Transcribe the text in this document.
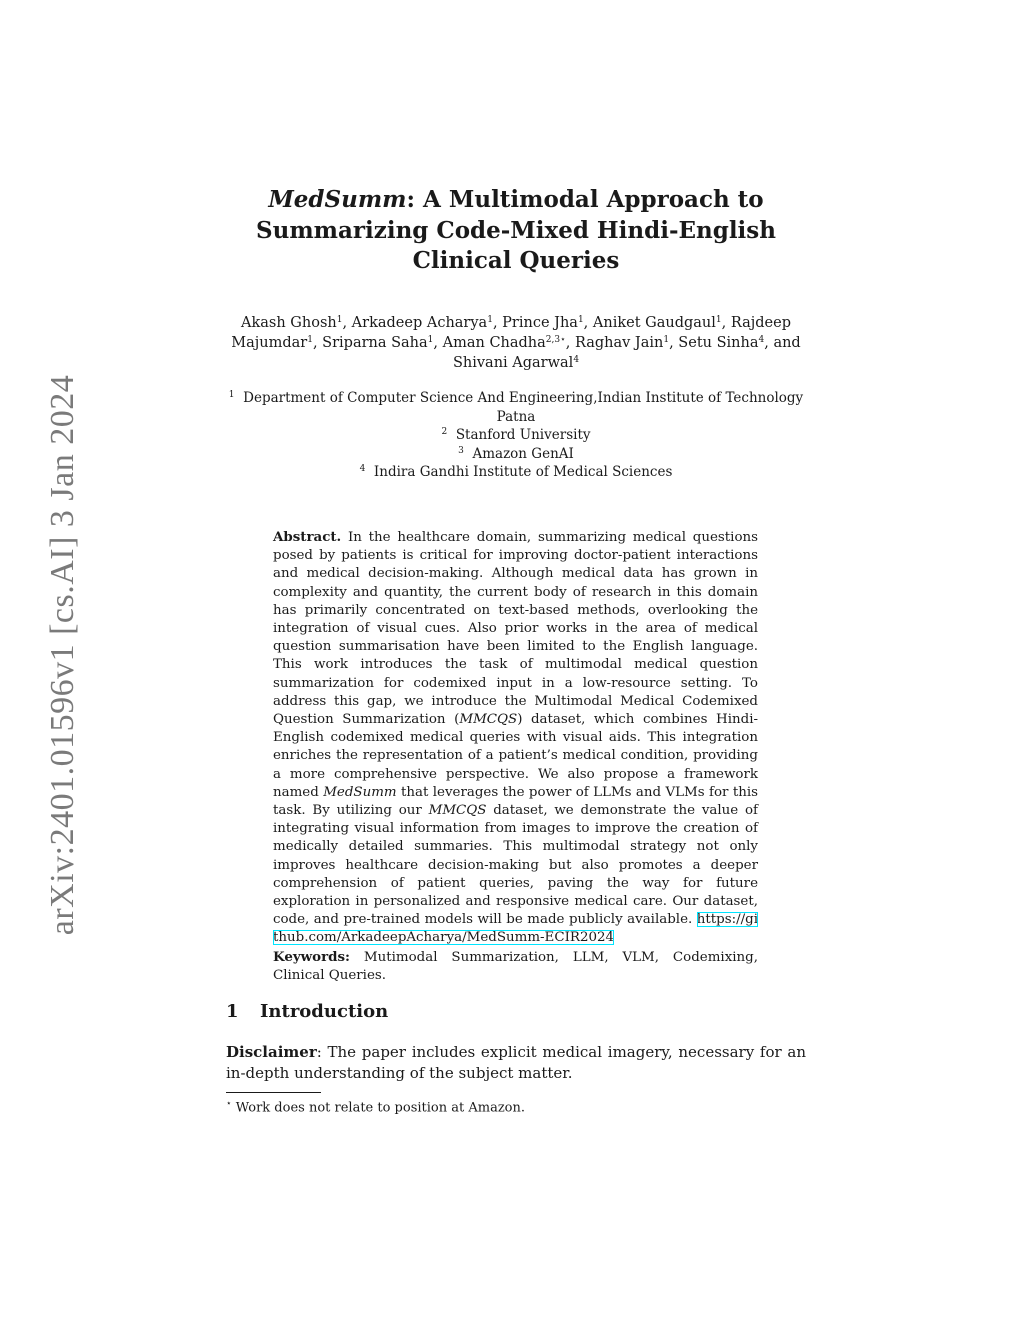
arXiv:2401.01596v1 [cs.AI] 3 Jan 2024
MedSumm: A Multimodal Approach to Summarizing Code-Mixed Hindi-English Clinical Queries
Akash Ghosh$^1$, Arkadeep Acharya$^1$, Prince Jha$^1$, Aniket Gaudgaul$^1$, Rajdeep Majumdar$^1$, Sriparna Saha$^1$, Aman Chadha$^{2,3⋆}$, Raghav Jain$^1$, Setu Sinha$^4$, and Shivani Agarwal$^4$
$^1$ Department of Computer Science And Engineering,Indian Institute of Technology Patna
$^2$ Stanford University
$^3$ Amazon GenAI
$^4$ Indira Gandhi Institute of Medical Sciences
Abstract. In the healthcare domain, summarizing medical questions posed by patients is critical for improving doctor-patient interactions and medical decision-making. Although medical data has grown in complexity and quantity, the current body of research in this domain has primarily concentrated on text-based methods, overlooking the integration of visual cues. Also prior works in the area of medical question summarisation have been limited to the English language. This work introduces the task of multimodal medical question summarization for codemixed input in a low-resource setting. To address this gap, we introduce the Multimodal Medical Codemixed Question Summarization (MMCQS) dataset, which combines Hindi-English codemixed medical queries with visual aids. This integration enriches the representation of a patient’s medical condition, providing a more comprehensive perspective. We also propose a framework named MedSumm that leverages the power of LLMs and VLMs for this task. By utilizing our MMCQS dataset, we demonstrate the value of integrating visual information from images to improve the creation of medically detailed summaries. This multimodal strategy not only improves healthcare decision-making but also promotes a deeper comprehension of patient queries, paving the way for future exploration in personalized and responsive medical care. Our dataset, code, and pre-trained models will be made publicly available. https://github.com/ArkadeepAcharya/MedSumm-ECIR2024
Keywords: Mutimodal Summarization, LLM, VLM, Codemixing, Clinical Queries.
1 Introduction
Disclaimer: The paper includes explicit medical imagery, necessary for an in-depth understanding of the subject matter.
⋆ Work does not relate to position at Amazon.
